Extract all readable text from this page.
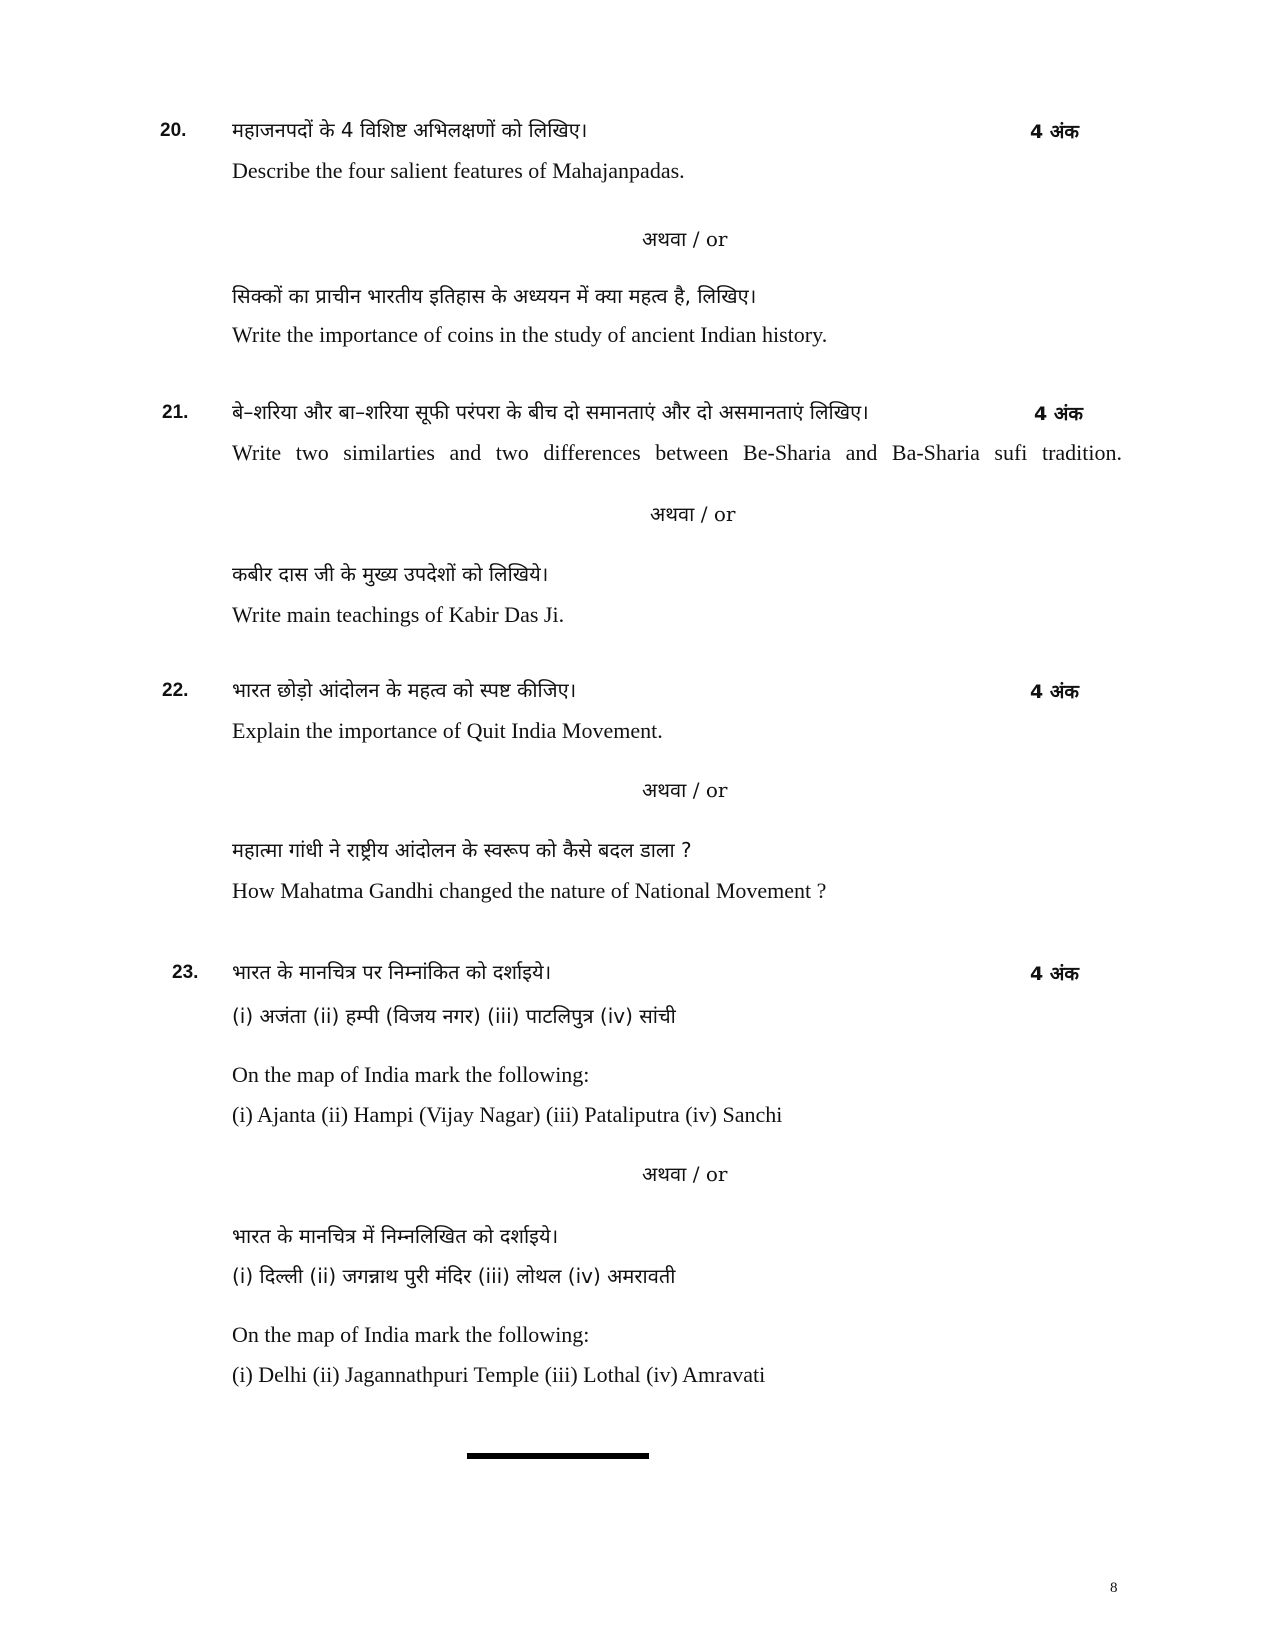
20. महाजनपदों के 4 विशिष्ट अभिलक्षणों को लिखिए।	4 अंक
Describe the four salient features of Mahajanpadas.
अथवा / or
सिक्कों का प्राचीन भारतीय इतिहास के अध्ययन में क्या महत्व है, लिखिए।
Write the importance of coins in the study of ancient Indian history.
21. बे–शरिया और बा–शरिया सूफी परंपरा के बीच दो समानताएं और दो असमानताएं लिखिए।	4 अंक
Write two similarties and two differences between Be-Sharia and Ba-Sharia sufi tradition.
अथवा / or
कबीर दास जी के मुख्य उपदेशों को लिखिये।
Write main teachings of Kabir Das Ji.
22. भारत छोड़ो आंदोलन के महत्व को स्पष्ट कीजिए।	4 अंक
Explain the importance of Quit India Movement.
अथवा / or
महात्मा गांधी ने राष्ट्रीय आंदोलन के स्वरूप को कैसे बदल डाला ?
How Mahatma Gandhi changed the nature of National Movement ?
23. भारत के मानचित्र पर निम्नांकित को दर्शाइये।	4 अंक
(i) अजंता (ii) हम्पी (विजय नगर) (iii) पाटलिपुत्र (iv) सांची
On the map of India mark the following:
(i) Ajanta (ii) Hampi (Vijay Nagar) (iii) Pataliputra (iv) Sanchi
अथवा / or
भारत के मानचित्र में निम्नलिखित को दर्शाइये।
(i) दिल्ली (ii) जगन्नाथ पुरी मंदिर (iii) लोथल (iv) अमरावती
On the map of India mark the following:
(i) Delhi (ii) Jagannathpuri Temple (iii) Lothal (iv) Amravati
8
